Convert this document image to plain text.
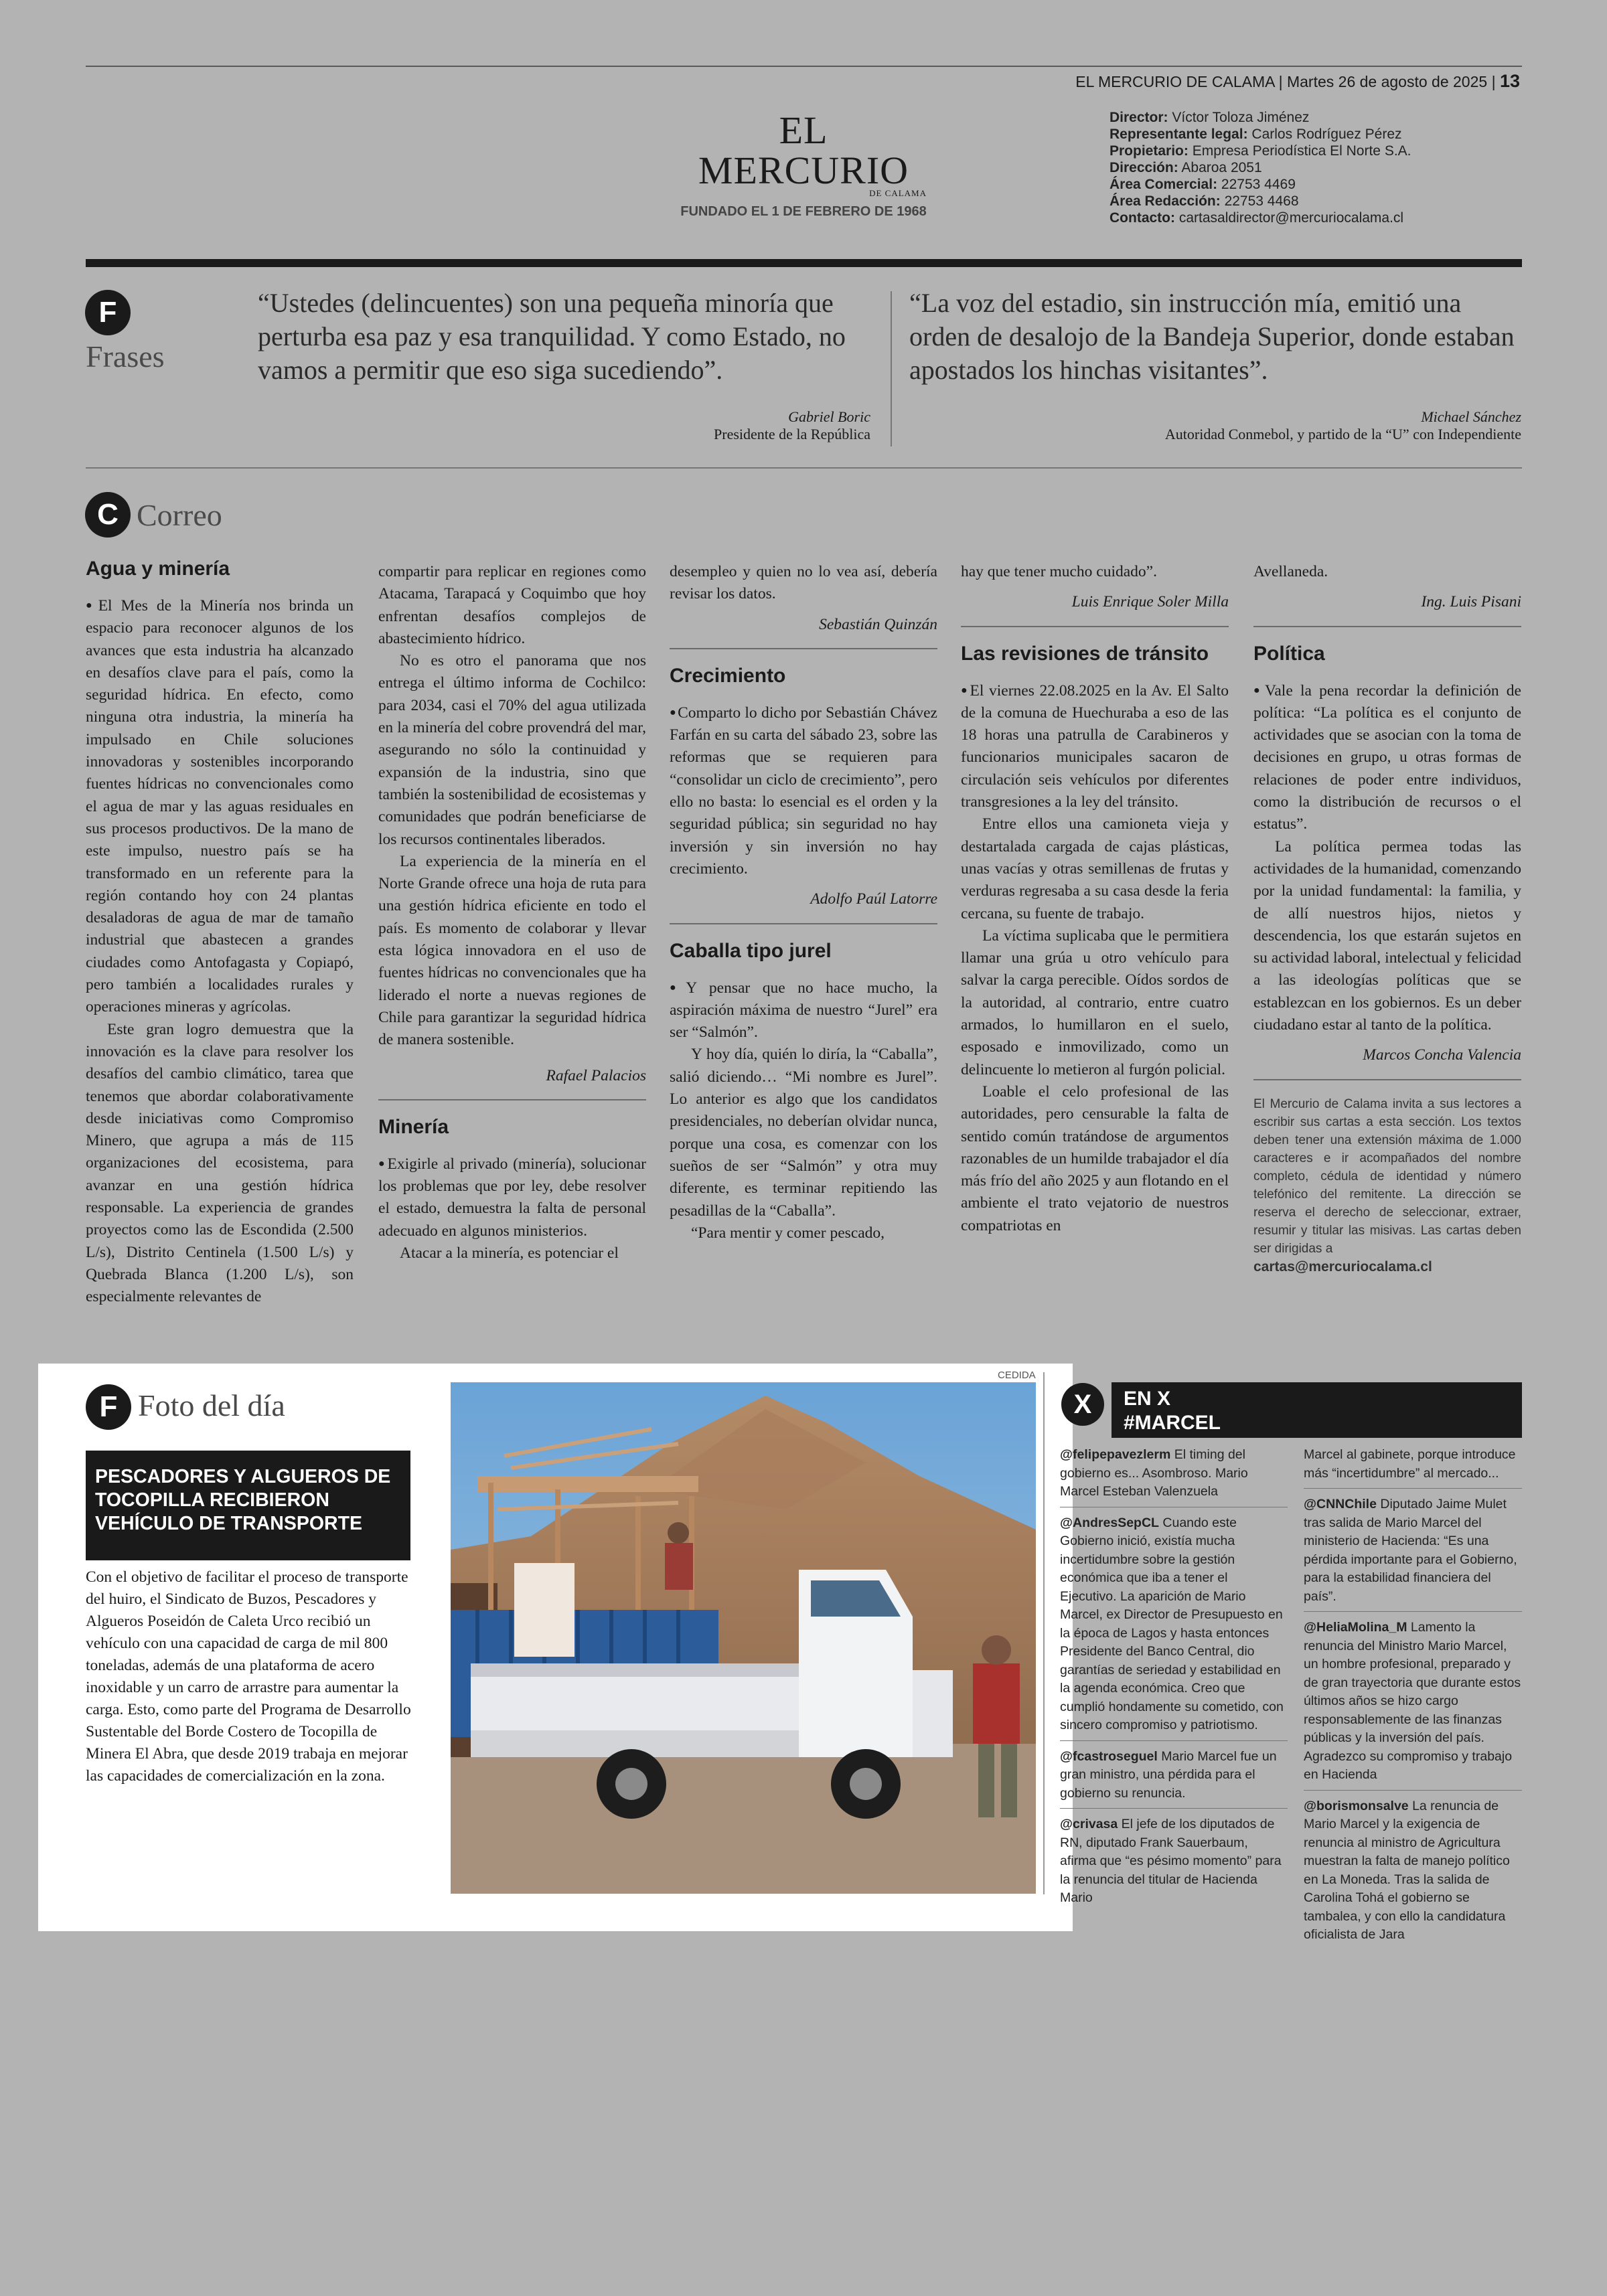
EL MERCURIO DE CALAMA | Martes 26 de agosto de 2025 | 13
EL MERCURIO
DE CALAMA
FUNDADO EL 1 DE FEBRERO DE 1968
Director: Víctor Toloza Jiménez
Representante legal: Carlos Rodríguez Pérez
Propietario: Empresa Periodística El Norte S.A.
Dirección: Abaroa 2051
Área Comercial: 22753 4469
Área Redacción: 22753 4468
Contacto: cartasaldirector@mercuriocalama.cl
F
Frases
“Ustedes (delincuentes) son una pequeña minoría que perturba esa paz y esa tranquilidad. Y como Estado, no vamos a permitir que eso siga sucediendo”.
Gabriel Boric
Presidente de la República
“La voz del estadio, sin instrucción mía, emitió una orden de desalojo de la Bandeja Superior, donde estaban apostados los hinchas visitantes”.
Michael Sánchez
Autoridad Conmebol, y partido de la “U” con Independiente
C Correo
Agua y minería

● El Mes de la Minería nos brinda un espacio para reconocer algunos de los avances que esta industria ha alcanzado en desafíos clave para el país, como la seguridad hídrica. En efecto, como ninguna otra industria, la minería ha impulsado en Chile soluciones innovadoras y sostenibles incorporando fuentes hídricas no convencionales como el agua de mar y las aguas residuales en sus procesos productivos. De la mano de este impulso, nuestro país se ha transformado en un referente para la región contando hoy con 24 plantas desaladoras de agua de mar de tamaño industrial que abastecen a grandes ciudades como Antofagasta y Copiapó, pero también a localidades rurales y operaciones mineras y agrícolas.

Este gran logro demuestra que la innovación es la clave para resolver los desafíos del cambio climático, tarea que tenemos que abordar colaborativamente desde iniciativas como Compromiso Minero, que agrupa a más de 115 organizaciones del ecosistema, para avanzar en una gestión hídrica responsable. La experiencia de grandes proyectos como las de Escondida (2.500 L/s), Distrito Centinela (1.500 L/s) y Quebrada Blanca (1.200 L/s), son especialmente relevantes de

compartir para replicar en regiones como Atacama, Tarapacá y Coquimbo que hoy enfrentan desafíos complejos de abastecimiento hídrico.

No es otro el panorama que nos entrega el último informa de Cochilco: para 2034, casi el 70% del agua utilizada en la minería del cobre provendrá del mar, asegurando no sólo la continuidad y expansión de la industria, sino que también la sostenibilidad de ecosistemas y comunidades que podrán beneficiarse de los recursos continentales liberados.

La experiencia de la minería en el Norte Grande ofrece una hoja de ruta para una gestión hídrica eficiente en todo el país. Es momento de colaborar y llevar esta lógica innovadora en el uso de fuentes hídricas no convencionales que ha liderado el norte a nuevas regiones de Chile para garantizar la seguridad hídrica de manera sostenible.

Rafael Palacios
Minería

● Exigirle al privado (minería), solucionar los problemas que por ley, debe resolver el estado, demuestra la falta de personal adecuado en algunos ministerios.

Atacar a la minería, es potenciar el

desempleo y quien no lo vea así, debería revisar los datos.

Sebastián Quinzán
Crecimiento

● Comparto lo dicho por Sebastián Chávez Farfán en su carta del sábado 23, sobre las reformas que se requieren para “consolidar un ciclo de crecimiento”, pero ello no basta: lo esencial es el orden y la seguridad pública; sin seguridad no hay inversión y sin inversión no hay crecimiento.

Adolfo Paúl Latorre
Caballa tipo jurel

● Y pensar que no hace mucho, la aspiración máxima de nuestro “Jurel” era ser “Salmón”.

Y hoy día, quién lo diría, la “Caballa”, salió diciendo… “Mi nombre es Jurel”. Lo anterior es algo que los candidatos presidenciales, no deberían olvidar nunca, porque una cosa, es comenzar con los sueños de ser “Salmón” y otra muy diferente, es terminar repitiendo las pesadillas de la “Caballa”.

“Para mentir y comer pescado,

hay que tener mucho cuidado”.

Luis Enrique Soler Milla
Las revisiones de tránsito

● El viernes 22.08.2025 en la Av. El Salto de la comuna de Huechuraba a eso de las 18 horas una patrulla de Carabineros y funcionarios municipales sacaron de circulación seis vehículos por diferentes transgresiones a la ley del tránsito.

Entre ellos una camioneta vieja y destartalada cargada de cajas plásticas, unas vacías y otras semillenas de frutas y verduras regresaba a su casa desde la feria cercana, su fuente de trabajo.

La víctima suplicaba que le permitiera llamar una grúa u otro vehículo para salvar la carga perecible. Oídos sordos de la autoridad, al contrario, entre cuatro armados, lo humillaron en el suelo, esposado e inmovilizado, como un delincuente lo metieron al furgón policial.

Loable el celo profesional de las autoridades, pero censurable la falta de sentido común tratándose de argumentos razonables de un humilde trabajador el día más frío del año 2025 y aun flotando en el ambiente el trato vejatorio de nuestros compatriotas en

Avellaneda.

Ing. Luis Pisani
Política

● Vale la pena recordar la definición de política: “La política es el conjunto de actividades que se asocian con la toma de decisiones en grupo, u otras formas de relaciones de poder entre individuos, como la distribución de recursos o el estatus”.

La política permea todas las actividades de la humanidad, comenzando por la unidad fundamental: la familia, y de allí nuestros hijos, nietos y descendencia, los que estarán sujetos en su actividad laboral, intelectual y felicidad a las ideologías políticas que se establezcan en los gobiernos. Es un deber ciudadano estar al tanto de la política.

Marcos Concha Valencia
El Mercurio de Calama invita a sus lectores a escribir sus cartas a esta sección. Los textos deben tener una extensión máxima de 1.000 caracteres e ir acompañados del nombre completo, cédula de identidad y número telefónico del remitente. La dirección se reserva el derecho de seleccionar, extraer, resumir y titular las misivas. Las cartas deben ser dirigidas a
cartas@mercuriocalama.cl
F Foto del día
PESCADORES Y ALGUEROS DE TOCOPILLA RECIBIERON VEHÍCULO DE TRANSPORTE
Con el objetivo de facilitar el proceso de transporte del huiro, el Sindicato de Buzos, Pescadores y Algueros Poseidón de Caleta Urco recibió un vehículo con una capacidad de carga de mil 800 toneladas, además de una plataforma de acero inoxidable y un carro de arrastre para aumentar la carga. Esto, como parte del Programa de Desarrollo Sustentable del Borde Costero de Tocopilla de Minera El Abra, que desde 2019 trabaja en mejorar las capacidades de comercialización en la zona.
CEDIDA
X	EN X
#MARCEL
@felipepavezlerm El timing del gobierno es... Asombroso. Mario Marcel Esteban Valenzuela
@AndresSepCL Cuando este Gobierno inició, existía mucha incertidumbre sobre la gestión económica que iba a tener el Ejecutivo. La aparición de Mario Marcel, ex Director de Presupuesto en la época de Lagos y hasta entonces Presidente del Banco Central, dio garantías de seriedad y estabilidad en la agenda económica. Creo que cumplió hondamente su cometido, con sincero compromiso y patriotismo.
@fcastroseguel Mario Marcel fue un gran ministro, una pérdida para el gobierno su renuncia.
@crivasa El jefe de los diputados de RN, diputado Frank Sauerbaum, afirma que “es pésimo momento” para la renuncia del titular de Hacienda Mario
Marcel al gabinete, porque introduce más “incertidumbre” al mercado...
@CNNChile Diputado Jaime Mulet tras salida de Mario Marcel del ministerio de Hacienda: “Es una pérdida importante para el Gobierno, para la estabilidad financiera del país”.
@HeliaMolina_M Lamento la renuncia del Ministro Mario Marcel, un hombre profesional, preparado y de gran trayectoria que durante estos últimos años se hizo cargo responsablemente de las finanzas públicas y la inversión del país. Agradezco su compromiso y trabajo en Hacienda
@borismonsalve La renuncia de Mario Marcel y la exigencia de renuncia al ministro de Agricultura muestran la falta de manejo político en La Moneda. Tras la salida de Carolina Tohá el gobierno se tambalea, y con ello la candidatura oficialista de Jara
